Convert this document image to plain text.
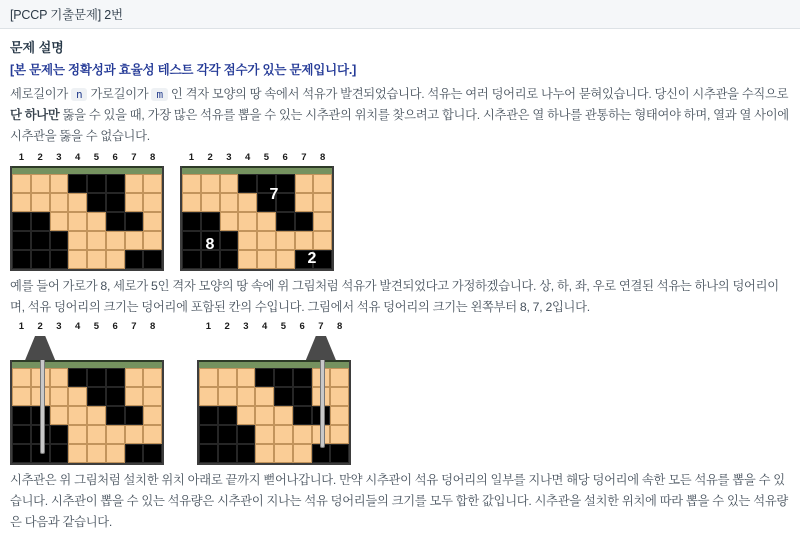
[PCCP 기출문제] 2번
문제 설명

[본 문제는 정확성과 효율성 테스트 각각 점수가 있는 문제입니다.]

세로길이가 n 가로길이가 m 인 격자 모양의 땅 속에서 석유가 발견되었습니다. 석유는 여러 덩어리로 나누어 묻혀있습니다. 당신이 시추관을 수직으로 단 하나만 뚫을 수 있을 때, 가장 많은 석유를 뽑을 수 있는 시추관의 위치를 찾으려고 합니다. 시추관은 열 하나를 관통하는 형태여야 하며, 열과 열 사이에 시추관을 뚫을 수 없습니다.

1	2	3	4	5	6	7	8	1	2	3	4	5	6	7	8
7
8
2

예를 들어 가로가 8, 세로가 5인 격자 모양의 땅 속에 위 그림처럼 석유가 발견되었다고 가정하겠습니다. 상, 하, 좌, 우로 연결된 석유는 하나의 덩어리이며, 석유 덩어리의 크기는 덩어리에 포함된 칸의 수입니다. 그림에서 석유 덩어리의 크기는 왼쪽부터 8, 7, 2입니다.

1	2	3	4	5	6	7	8	1	2	3	4	5	6	7	8

시추관은 위 그림처럼 설치한 위치 아래로 끝까지 뻗어나갑니다. 만약 시추관이 석유 덩어리의 일부를 지나면 해당 덩어리에 속한 모든 석유를 뽑을 수 있습니다. 시추관이 뽑을 수 있는 석유량은 시추관이 지나는 석유 덩어리들의 크기를 모두 합한 값입니다. 시추관을 설치한 위치에 따라 뽑을 수 있는 석유량은 다음과 같습니다.
